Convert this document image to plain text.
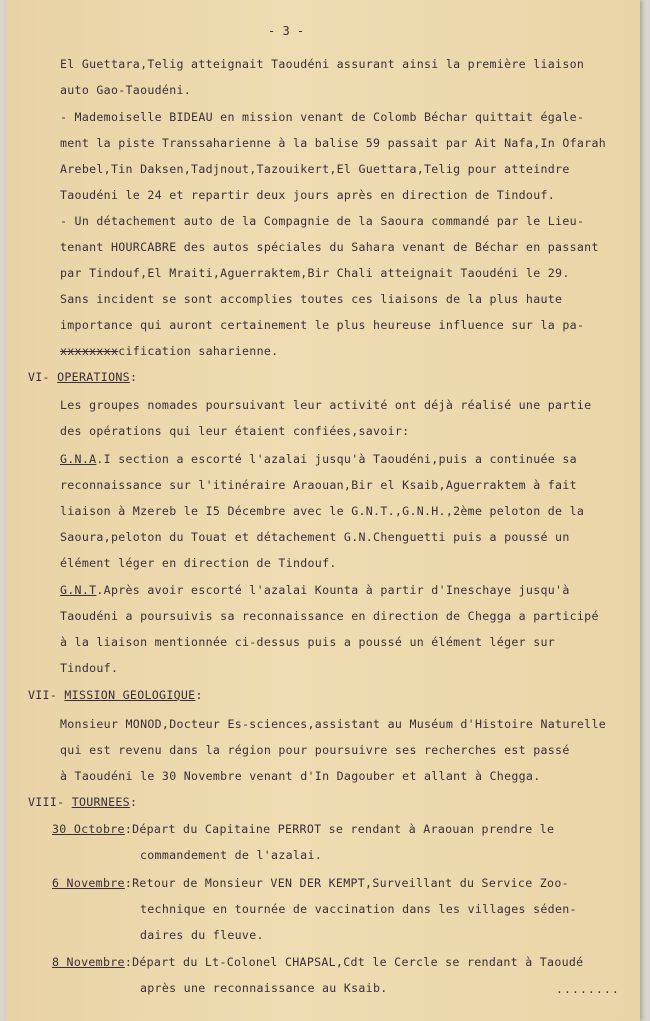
- 3 -
El Guettara,Telig atteignait Taoudéni assurant ainsi la première liaison
auto Gao-Taoudéni.
- Mademoiselle BIDEAU en mission venant de Colomb Béchar quittait égale-
ment la piste Transsaharienne à la balise 59 passait par Ait Nafa,In Ofarah
Arebel,Tin Daksen,Tadjnout,Tazouikert,El Guettara,Telig pour atteindre
Taoudéni le 24 et repartir deux jours après en direction de Tindouf.
- Un détachement auto de la Compagnie de la Saoura commandé par le Lieu-
tenant HOURCABRE des autos spéciales du Sahara venant de Béchar en passant
par Tindouf,El Mraiti,Aguerraktem,Bir Chali atteignait Taoudéni le 29.
Sans incident se sont accomplies toutes ces liaisons de la plus haute
importance qui auront certainement le plus heureuse influence sur la pa-
xxxxxxxxcification saharienne.
VI- OPERATIONS:
Les groupes nomades poursuivant leur activité ont déjà réalisé une partie
des opérations qui leur étaient confiées,savoir:
G.N.A.I section a escorté l'azalai jusqu'à Taoudéni,puis a continuée sa
reconnaissance sur l'itinéraire Araouan,Bir el Ksaib,Aguerraktem à fait
liaison à Mzereb le I5 Décembre avec le G.N.T.,G.N.H.,2ème peloton de la
Saoura,peloton du Touat et détachement G.N.Chenguetti puis a poussé un
élément léger en direction de Tindouf.
G.N.T.Après avoir escorté l'azalai Kounta à partir d'Ineschaye jusqu'à
Taoudéni a poursuivis sa reconnaissance en direction de Chegga a participé
à la liaison mentionnée ci-dessus puis a poussé un élément léger sur
Tindouf.
VII- MISSION GEOLOGIQUE:
Monsieur MONOD,Docteur Es-sciences,assistant au Muséum d'Histoire Naturelle
qui est revenu dans la région pour poursuivre ses recherches est passé
à Taoudéni le 30 Novembre venant d'In Dagouber et allant à Chegga.
VIII- TOURNEES:
30 Octobre:Départ du Capitaine PERROT se rendant à Araouan prendre le
commandement de l'azalai.
6 Novembre:Retour de Monsieur VEN DER KEMPT,Surveillant du Service Zoo-
technique en tournée de vaccination dans les villages séden-
daires du fleuve.
8 Novembre:Départ du Lt-Colonel CHAPSAL,Cdt le Cercle se rendant à Taoudé
après une reconnaissance au Ksaib.	........
